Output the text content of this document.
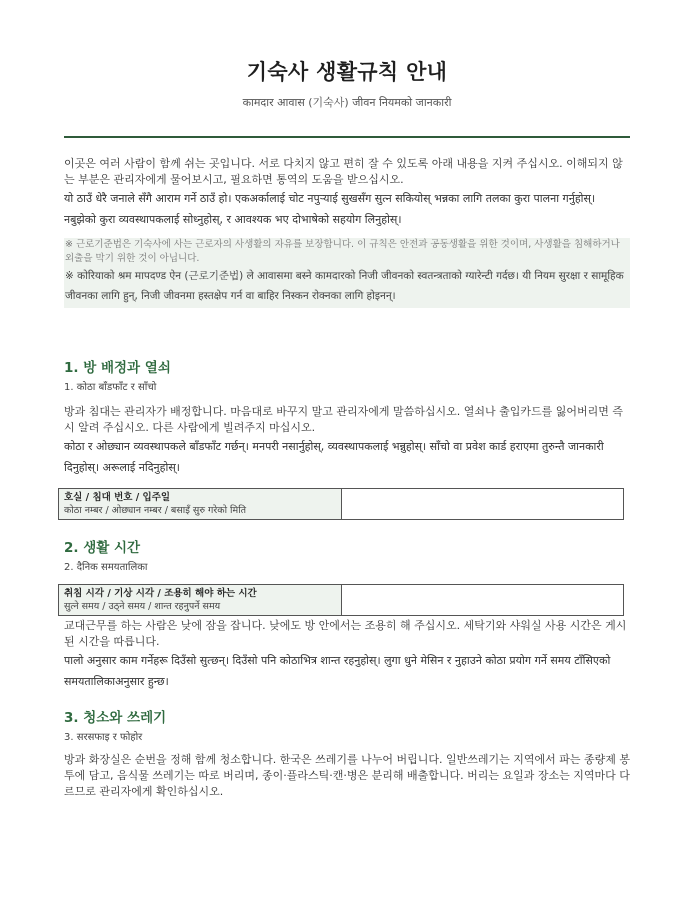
기숙사 생활규칙 안내
कामदार आवास (기숙사) जीवन नियमको जानकारी

이곳은 여러 사람이 함께 쉬는 곳입니다. 서로 다치지 않고 편히 잘 수 있도록 아래 내용을 지켜 주십시오. 이해되지 않는 부분은 관리자에게 물어보시고, 필요하면 통역의 도움을 받으십시오.

यो ठाउँ धेरै जनाले सँगै आराम गर्ने ठाउँ हो। एकअर्कालाई चोट नपुर्‍याई सुखसँग सुत्न सकियोस् भन्नका लागि तलका कुरा पालना गर्नुहोस्। नबुझेको कुरा व्यवस्थापकलाई सोध्नुहोस्, र आवश्यक भए दोभाषेको सहयोग लिनुहोस्।

※ 근로기준법은 기숙사에 사는 근로자의 사생활의 자유를 보장합니다. 이 규칙은 안전과 공동생활을 위한 것이며, 사생활을 침해하거나 외출을 막기 위한 것이 아닙니다.

※ कोरियाको श्रम मापदण्ड ऐन (근로기준법) ले आवासमा बस्ने कामदारको निजी जीवनको स्वतन्त्रताको ग्यारेन्टी गर्दछ। यी नियम सुरक्षा र सामूहिक जीवनका लागि हुन्, निजी जीवनमा हस्तक्षेप गर्न वा बाहिर निस्कन रोक्नका लागि होइनन्।

1. 방 배정과 열쇠

1. कोठा बाँडफाँट र साँचो

방과 침대는 관리자가 배정합니다. 마음대로 바꾸지 말고 관리자에게 말씀하십시오. 열쇠나 출입카드를 잃어버리면 즉시 알려 주십시오. 다른 사람에게 빌려주지 마십시오.

कोठा र ओछ्यान व्यवस्थापकले बाँडफाँट गर्छन्। मनपरी नसार्नुहोस्, व्यवस्थापकलाई भन्नुहोस्। साँचो वा प्रवेश कार्ड हराएमा तुरुन्तै जानकारी दिनुहोस्। अरूलाई नदिनुहोस्।

호실 / 침대 번호 / 입주일
कोठा नम्बर / ओछ्यान नम्बर / बसाइँ सुरु गरेको मिति

2. 생활 시간

2. दैनिक समयतालिका

취침 시각 / 기상 시각 / 조용히 해야 하는 시간
सुत्ने समय / उठ्ने समय / शान्त रहनुपर्ने समय

교대근무를 하는 사람은 낮에 잠을 잡니다. 낮에도 방 안에서는 조용히 해 주십시오. 세탁기와 샤워실 사용 시간은 게시된 시간을 따릅니다.

पालो अनुसार काम गर्नेहरू दिउँसो सुत्छन्। दिउँसो पनि कोठाभित्र शान्त रहनुहोस्। लुगा धुने मेसिन र नुहाउने कोठा प्रयोग गर्ने समय टाँसिएको समयतालिकाअनुसार हुन्छ।

3. 청소와 쓰레기

3. सरसफाइ र फोहोर

방과 화장실은 순번을 정해 함께 청소합니다. 한국은 쓰레기를 나누어 버립니다. 일반쓰레기는 지역에서 파는 종량제 봉투에 담고, 음식물 쓰레기는 따로 버리며, 종이·플라스틱·캔·병은 분리해 배출합니다. 버리는 요일과 장소는 지역마다 다르므로 관리자에게 확인하십시오.
